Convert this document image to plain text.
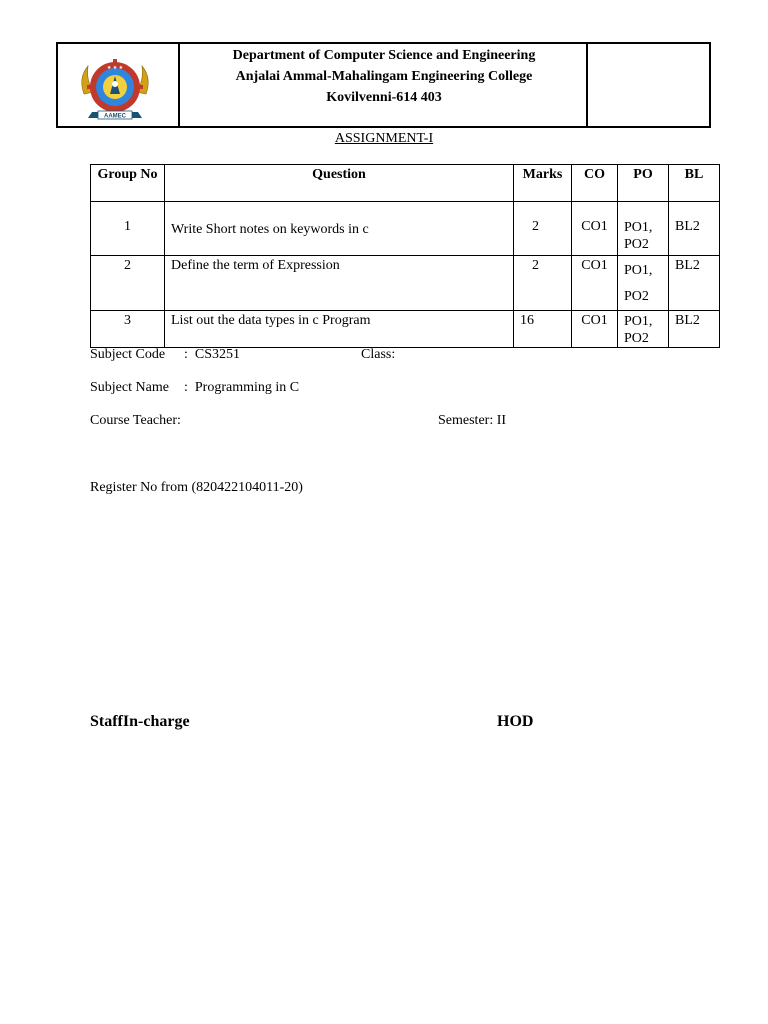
★ ★ ★
AAMEC
Department of Computer Science and Engineering
Anjalai Ammal-Mahalingam Engineering College
Kovilvenni-614 403
ASSIGNMENT-I
Group No	Question	Marks	CO	PO	BL

1	Write Short notes on keywords in c	2	CO1	PO1, PO2	BL2

2	Define the term of Expression	2	CO1	PO1, PO2	BL2

3	List out the data types in c Program	16	CO1	PO1, PO2	BL2
Subject Code :  CS3251	Class:
Subject Name :  Programming in C
Course Teacher:	Semester: II
Register No from (820422104011-20)
StaffIn-charge	HOD
